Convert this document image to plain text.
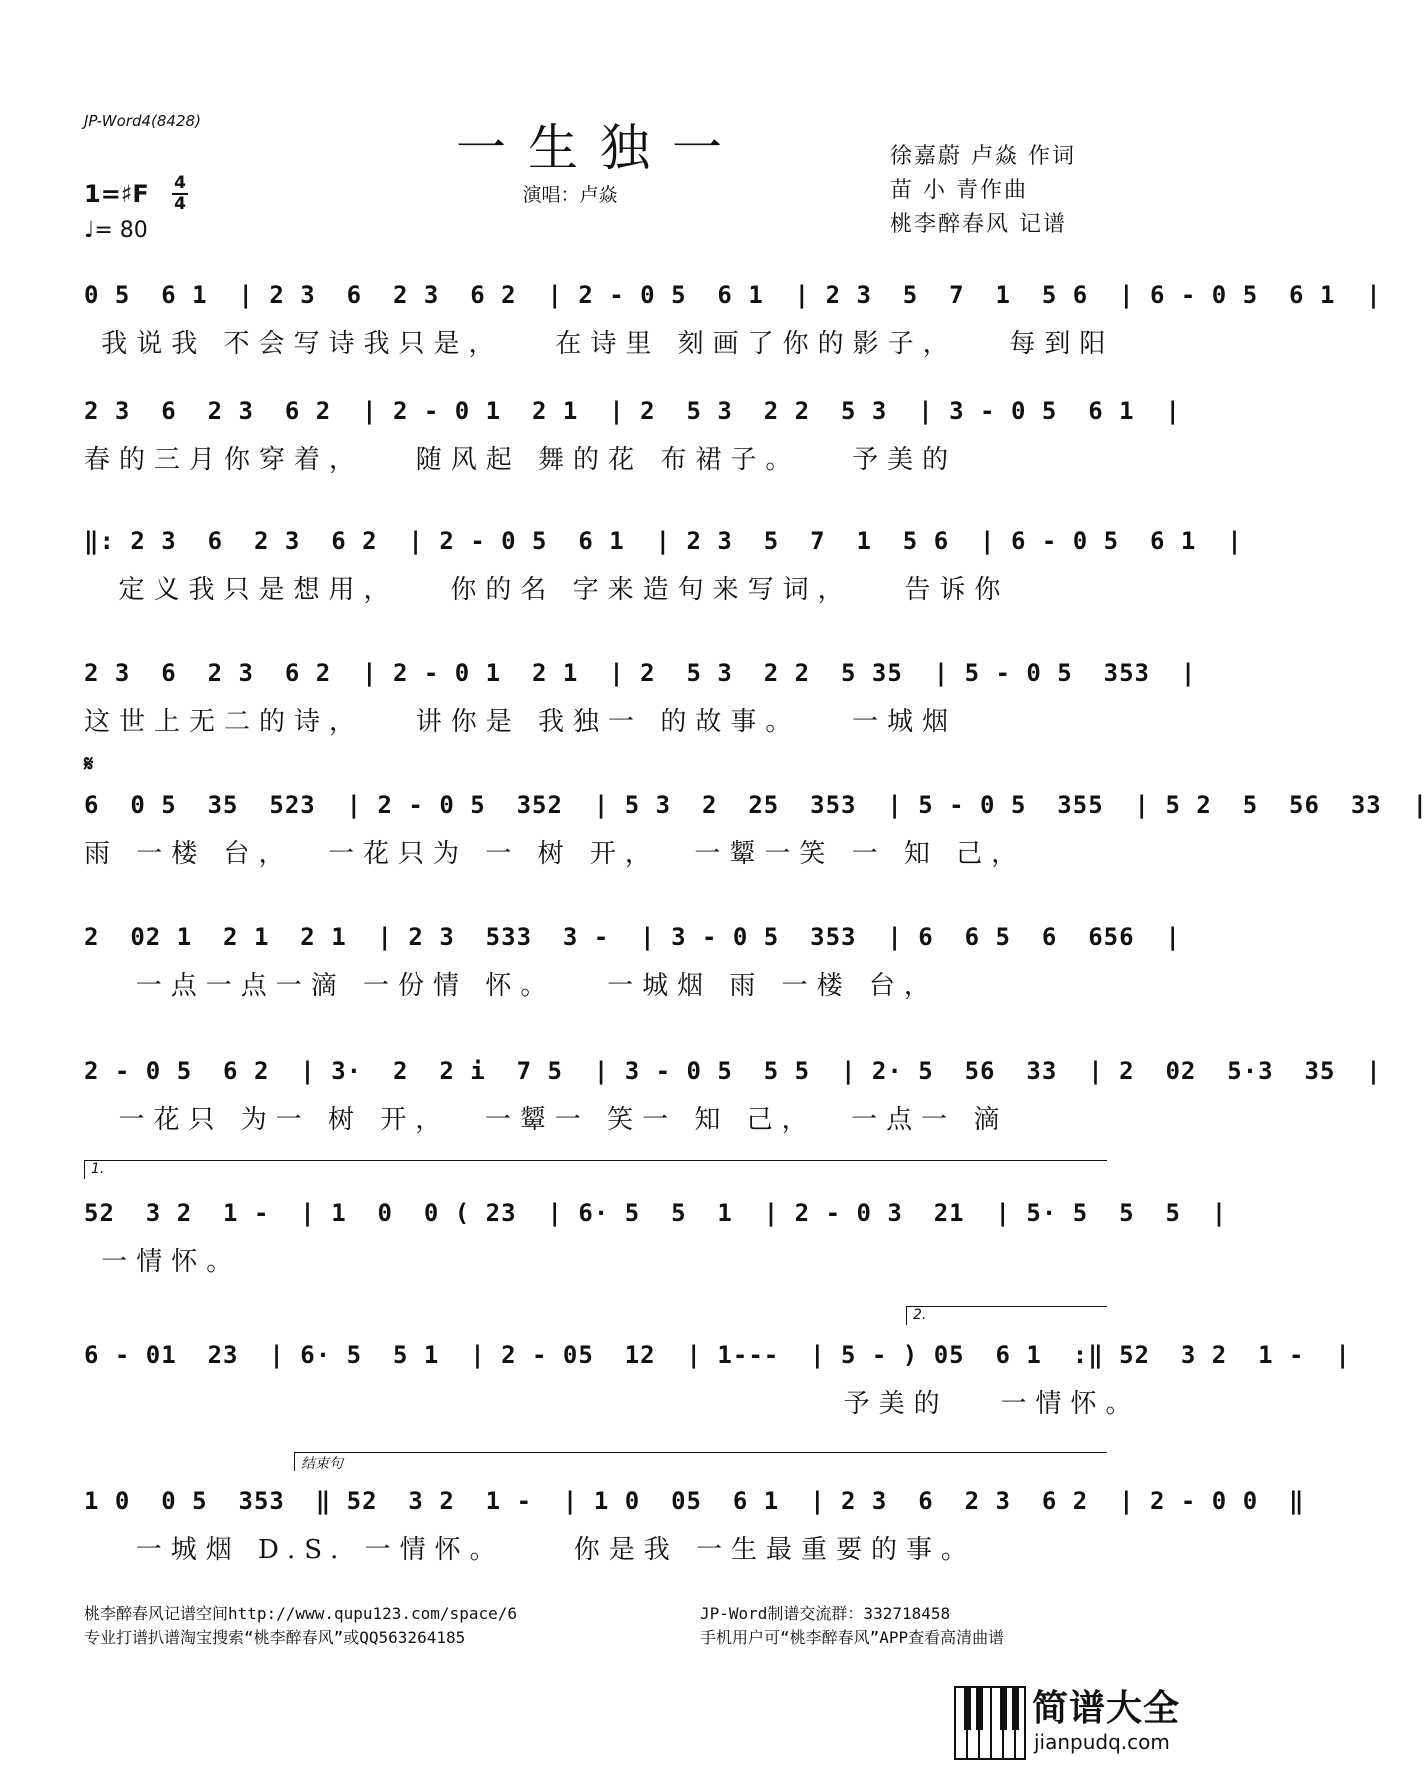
JP-Word4(8428)	一生独一
演唱：卢焱
徐嘉蔚 卢焱 作词
苗 小 青作曲
桃李醉春风 记谱
1=♯F 4
4
♩= 80
0 5  6 1  | 2 3  6  2 3  6 2  | 2 - 0 5  6 1  | 2 3  5  7  1  5 6  | 6 - 0 5  6 1  |
我说我 不会写诗我只是，   在诗里 刻画了你的影子，   每到阳
2 3  6  2 3  6 2  | 2 - 0 1  2 1  | 2  5 3  2 2  5 3  | 3 - 0 5  6 1  |
春的三月你穿着，   随风起 舞的花 布裙子。   予美的
‖: 2 3  6  2 3  6 2  | 2 - 0 5  6 1  | 2 3  5  7  1  5 6  | 6 - 0 5  6 1  |
定义我只是想用，   你的名 字来造句来写词，   告诉你
2 3  6  2 3  6 2  | 2 - 0 1  2 1  | 2  5 3  2 2  5 35  | 5 - 0 5  353  |
这世上无二的诗，   讲你是 我独一 的故事。   一城烟
𝄋
6  0 5  35  523  | 2 - 0 5  352  | 5 3  2  25  353  | 5 - 0 5  355  | 5 2  5  56  33  |
雨 一楼 台，  一花只为 一 树 开，  一颦一笑 一 知 己，
2  02 1  2 1  2 1  | 2 3  533  3 -  | 3 - 0 5  353  | 6  6 5  6  656  |
一点一点一滴 一份情 怀。   一城烟 雨 一楼 台，
2 - 0 5  6 2  | 3·  2  2 i  7 5  | 3 - 0 5  5 5  | 2· 5  56  33  | 2  02  5·3  35  |
一花只 为一 树 开，  一颦一 笑一 知 己，  一点一 滴
1.
52  3 2  1 -  | 1  0  0 ( 23  | 6· 5  5  1  | 2 - 0 3  21  | 5· 5  5  5  |
一情怀。
2.
6 - 01  23  | 6· 5  5 1  | 2 - 05  12  | 1---  | 5 - ) 05  6 1  :‖ 52  3 2  1 -  |
予美的   一情怀。
结束句
1 0  0 5  353  ‖ 52  3 2  1 -  | 1 0  05  6 1  | 2 3  6  2 3  6 2  | 2 - 0 0  ‖
一城烟 D.S. 一情怀。    你是我 一生最重要的事。
桃李醉春风记谱空间http://www.qupu123.com/space/6
专业打谱扒谱淘宝搜索“桃李醉春风”或QQ563264185
JP-Word制谱交流群：332718458
手机用户可“桃李醉春风”APP查看高清曲谱
简谱大全
jianpudq.com
